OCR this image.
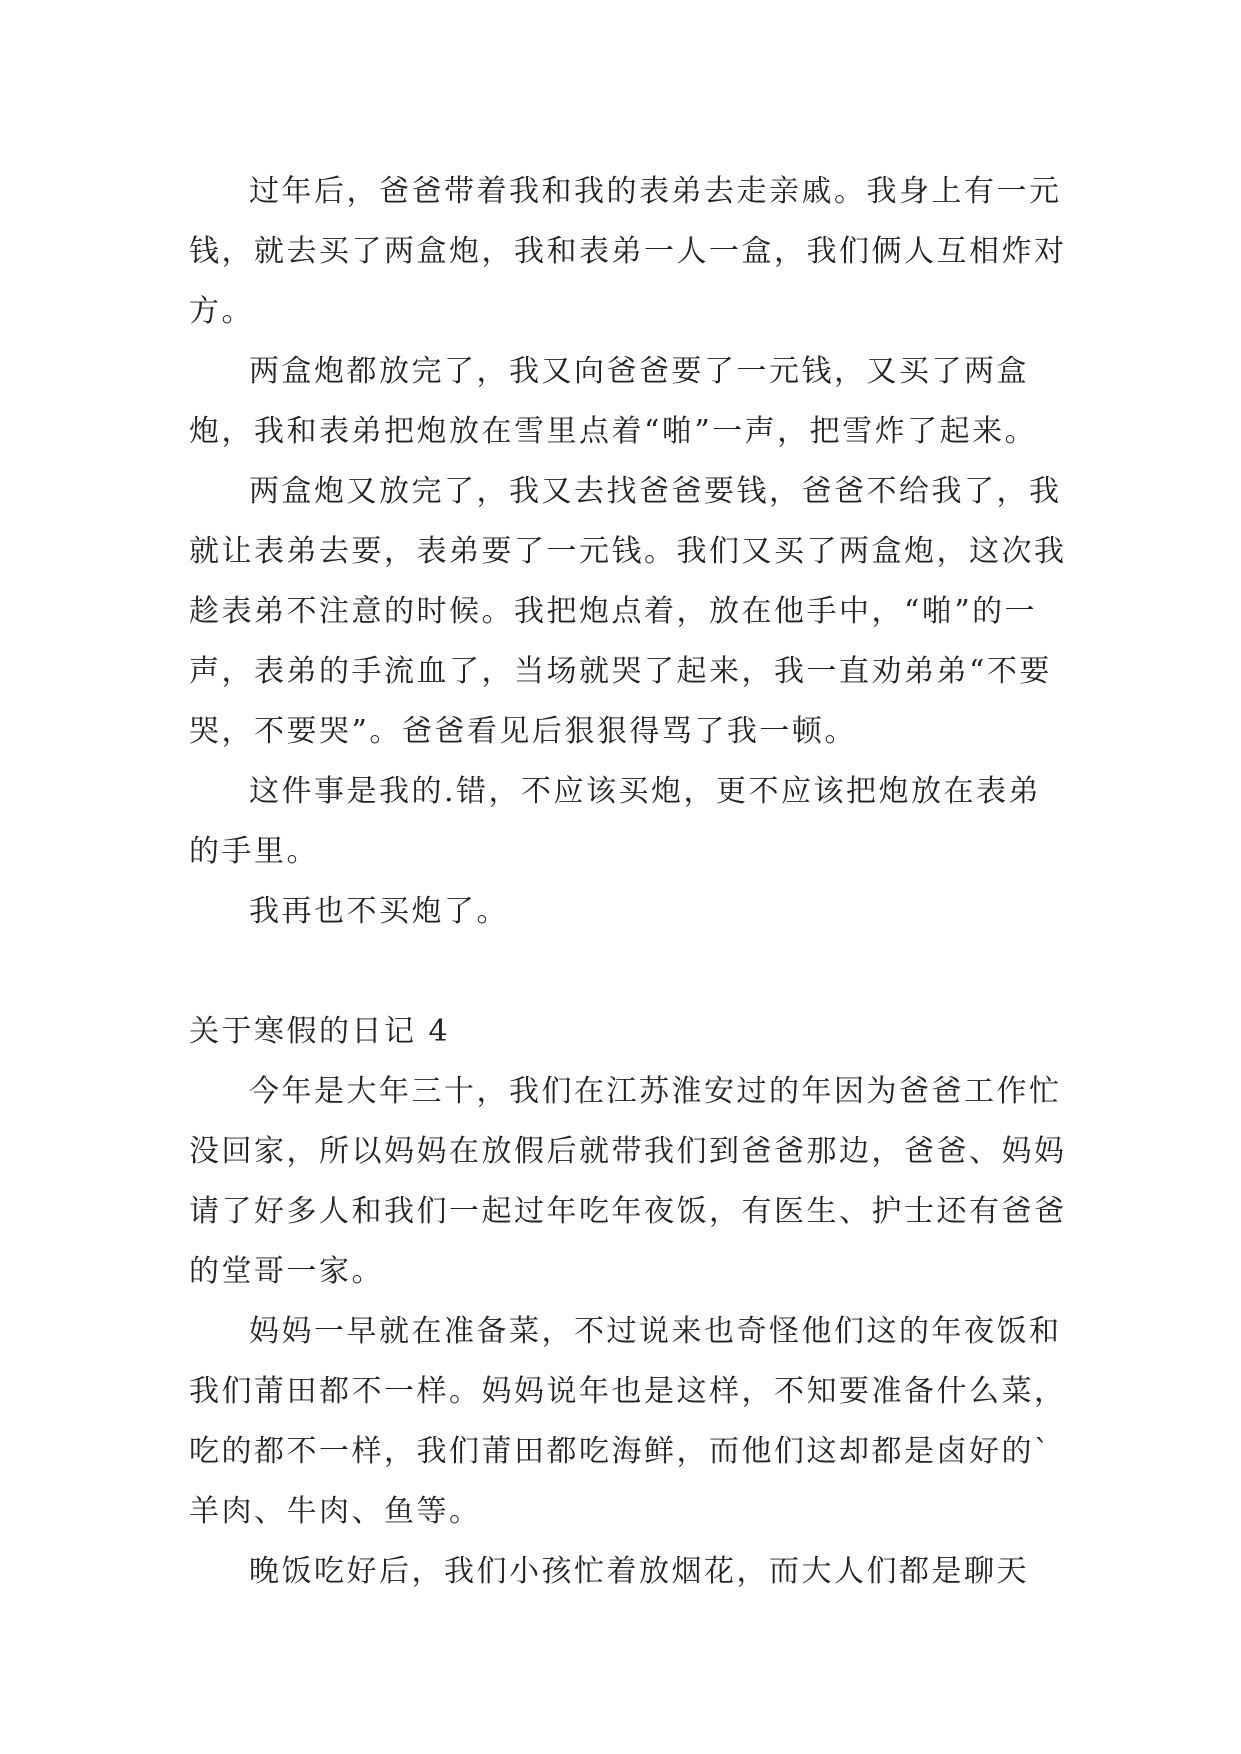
过年后，爸爸带着我和我的表弟去走亲戚。我身上有一元钱，就去买了两盒炮，我和表弟一人一盒，我们俩人互相炸对方。

两盒炮都放完了，我又向爸爸要了一元钱，又买了两盒炮，我和表弟把炮放在雪里点着“啪”一声，把雪炸了起来。

两盒炮又放完了，我又去找爸爸要钱，爸爸不给我了，我就让表弟去要，表弟要了一元钱。我们又买了两盒炮，这次我趁表弟不注意的时候。我把炮点着，放在他手中，“啪”的一声，表弟的手流血了，当场就哭了起来，我一直劝弟弟“不要哭，不要哭”。爸爸看见后狠狠得骂了我一顿。

这件事是我的.错，不应该买炮，更不应该把炮放在表弟的手里。

我再也不买炮了。

关于寒假的日记 4

今年是大年三十，我们在江苏淮安过的年因为爸爸工作忙没回家，所以妈妈在放假后就带我们到爸爸那边，爸爸、妈妈请了好多人和我们一起过年吃年夜饭，有医生、护士还有爸爸的堂哥一家。

妈妈一早就在准备菜，不过说来也奇怪他们这的年夜饭和我们莆田都不一样。妈妈说年也是这样，不知要准备什么菜，吃的都不一样，我们莆田都吃海鲜，而他们这却都是卤好的`羊肉、牛肉、鱼等。

晚饭吃好后，我们小孩忙着放烟花，而大人们都是聊天
